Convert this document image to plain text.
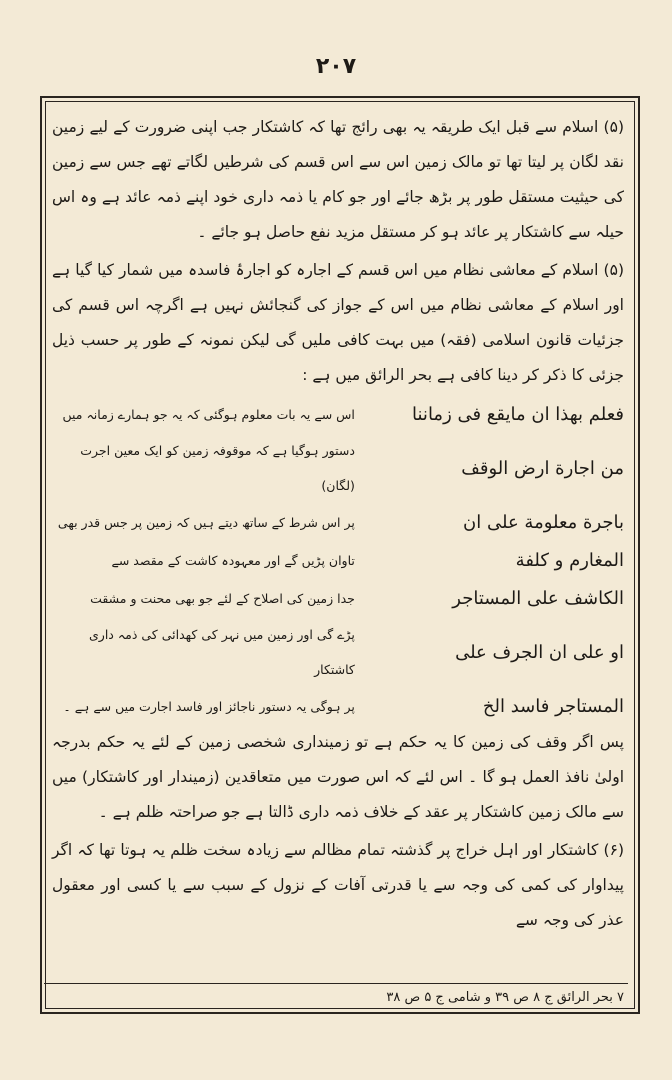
۲۰۷

(۵) اسلام سے قبل ایک طریقہ یہ بھی رائج تھا کہ کاشتکار جب اپنی ضرورت کے لیے زمین نقد لگان پر لیتا تھا تو مالک زمین اس سے اس قسم کی شرطیں لگاتے تھے جس سے زمین کی حیثیت مستقل طور پر بڑھ جائے اور جو کام یا ذمہ داری خود اپنے ذمہ عائد ہے وہ اس حیلہ سے کاشتکار پر عائد ہو کر مستقل مزید نفع حاصل ہو جائے ۔

(۵) اسلام کے معاشی نظام میں اس قسم کے اجارہ کو اجارۂ فاسدہ میں شمار کیا گیا ہے اور اسلام کے معاشی نظام میں اس کے جواز کی گنجائش نہیں ہے اگرچہ اس قسم کی جزئیات قانون اسلامی (فقہ) میں بہت کافی ملیں گی لیکن نمونہ کے طور پر حسب ذیل جزئی کا ذکر کر دینا کافی ہے بحر الرائق میں ہے :

فعلم بهذا ان مايقع فى زماننا	اس سے یہ بات معلوم ہوگئی کہ یہ جو ہمارے زمانہ میں
من اجارة ارض الوقف	دستور ہوگیا ہے کہ موقوفہ زمین کو ایک معین اجرت (لگان)
باجرة معلومة على ان	پر اس شرط کے ساتھ دیتے ہیں کہ زمین پر جس قدر بھی
المغارم و كلفة	تاوان پڑیں گے اور معہودہ کاشت کے مقصد سے
الكاشف على المستاجر	جدا زمین کی اصلاح کے لئے جو بھی محنت و مشقت
او على ان الجرف على	پڑے گی اور زمین میں نہر کی کھدائی کی ذمہ داری کاشتکار
المستاجر فاسد الخ	پر ہوگی یہ دستور ناجائز اور فاسد اجارت میں سے ہے ۔

پس اگر وقف کی زمین کا یہ حکم ہے تو زمینداری شخصی زمین کے لئے یہ حکم بدرجہ اولیٰ نافذ العمل ہو گا ۔ اس لئے کہ اس صورت میں متعاقدین (زمیندار اور کاشتکار) میں سے مالک زمین کاشتکار پر عقد کے خلاف ذمہ داری ڈالتا ہے جو صراحتہ ظلم ہے ۔

(۶) کاشتکار اور اہل خراج پر گذشتہ تمام مظالم سے زیادہ سخت ظلم یہ ہوتا تھا کہ اگر پیداوار کی کمی کی وجہ سے یا قدرتی آفات کے نزول کے سبب سے یا کسی اور معقول عذر کی وجہ سے

۷ بحر الرائق ج ۸ ص ۳۹ و شامی ج ۵ ص ۳۸
